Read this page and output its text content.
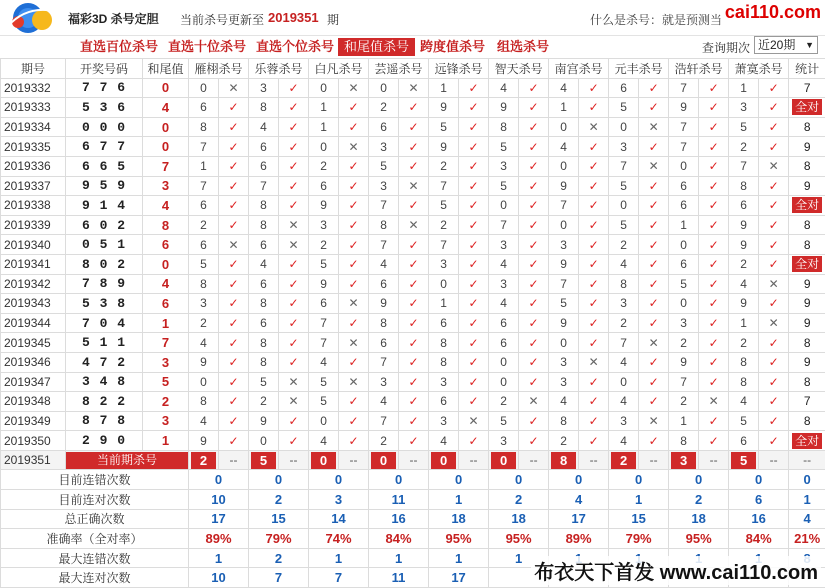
福彩3D 杀号定胆 当前杀号更新至 2019351 期	什么是杀号：就是预测当 cai110.com
直选百位杀号 直选十位杀号 直选个位杀号 和尾值杀号 跨度值杀号 组选杀号	查询期次 近20期 ▼
期号	开奖号码	和尾值	雁栩杀号		乐蓉杀号		白凡杀号		芸遥杀号		远锋杀号		智天杀号		南宫杀号		元丰杀号		浩轩杀号		萧寞杀号		统计
2019332	7 7 6	0	0	✕	3	✓	0	✕	0	✕	1	✓	4	✓	4	✓	6	✓	7	✓	1	✓	7
2019333	5 3 6	4	6	✓	8	✓	1	✓	2	✓	9	✓	9	✓	1	✓	5	✓	9	✓	3	✓	全对
2019334	0 0 0	0	8	✓	4	✓	1	✓	6	✓	5	✓	8	✓	0	✕	0	✕	7	✓	5	✓	8
2019335	6 7 7	0	7	✓	6	✓	0	✕	3	✓	9	✓	5	✓	4	✓	3	✓	7	✓	2	✓	9
2019336	6 6 5	7	1	✓	6	✓	2	✓	5	✓	2	✓	3	✓	0	✓	7	✕	0	✓	7	✕	8
2019337	9 5 9	3	7	✓	7	✓	6	✓	3	✕	7	✓	5	✓	9	✓	5	✓	6	✓	8	✓	9
2019338	9 1 4	4	6	✓	8	✓	9	✓	7	✓	5	✓	0	✓	7	✓	0	✓	6	✓	6	✓	全对
2019339	6 0 2	8	2	✓	8	✕	3	✓	8	✕	2	✓	7	✓	0	✓	5	✓	1	✓	9	✓	8
2019340	0 5 1	6	6	✕	6	✕	2	✓	7	✓	7	✓	3	✓	3	✓	2	✓	0	✓	9	✓	8
2019341	8 0 2	0	5	✓	4	✓	5	✓	4	✓	3	✓	4	✓	9	✓	4	✓	6	✓	2	✓	全对
2019342	7 8 9	4	8	✓	6	✓	9	✓	6	✓	0	✓	3	✓	7	✓	8	✓	5	✓	4	✕	9
2019343	5 3 8	6	3	✓	8	✓	6	✕	9	✓	1	✓	4	✓	5	✓	3	✓	0	✓	9	✓	9
2019344	7 0 4	1	2	✓	6	✓	7	✓	8	✓	6	✓	6	✓	9	✓	2	✓	3	✓	1	✕	9
2019345	5 1 1	7	4	✓	8	✓	7	✕	6	✓	8	✓	6	✓	0	✓	7	✕	2	✓	2	✓	8
2019346	4 7 2	3	9	✓	8	✓	4	✓	7	✓	8	✓	0	✓	3	✕	4	✓	9	✓	8	✓	9
2019347	3 4 8	5	0	✓	5	✕	5	✕	3	✓	3	✓	0	✓	3	✓	0	✓	7	✓	8	✓	8
2019348	8 2 2	2	8	✓	2	✕	5	✓	4	✓	6	✓	2	✕	4	✓	4	✓	2	✕	4	✓	7
2019349	8 7 8	3	4	✓	9	✓	0	✓	7	✓	3	✕	5	✓	8	✓	3	✕	1	✓	5	✓	8
2019350	2 9 0	1	9	✓	0	✓	4	✓	2	✓	4	✓	3	✓	2	✓	4	✓	8	✓	6	✓	全对
2019351	当前期杀号		2	--	5	--	0	--	0	--	0	--	0	--	8	--	2	--	3	--	5	--	--
目前连错次数			0		0		0		0		0		0		0		0		0		0		0
目前连对次数			10		2		3		11		1		2		4		1		2		6		1
总正确次数			17		15		14		16		18		18		17		15		18		16		4
准确率（全对率）			89%		79%		74%		84%		95%		95%		89%		79%		95%		84%		21%
最大连错次数			1		2		1		1		1		1					
最大连对次数			10		7		7		11		17													布衣天下首发 www.cai110.com
